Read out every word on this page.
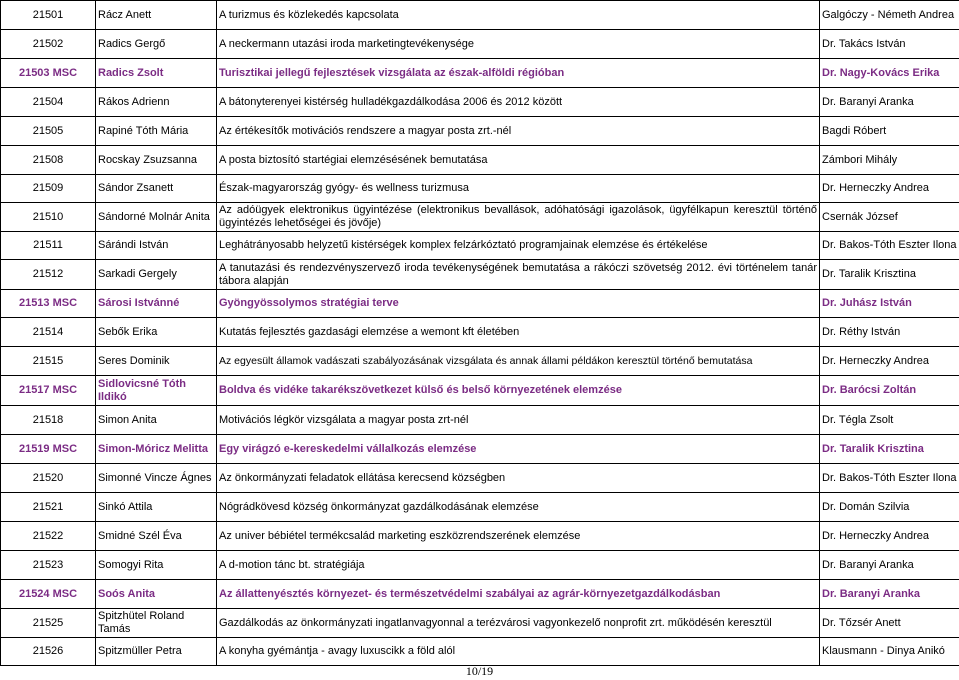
21501	Rácz Anett	A turizmus és közlekedés kapcsolata	Galgóczy - Németh Andrea
21502	Radics Gergő	A neckermann utazási iroda marketingtevékenysége	Dr. Takács István
21503 MSC	Radics Zsolt	Turisztikai jellegű fejlesztések vizsgálata az észak-alföldi régióban	Dr. Nagy-Kovács Erika
21504	Rákos Adrienn	A bátonyterenyei kistérség hulladékgazdálkodása 2006 és 2012 között	Dr. Baranyi Aranka
21505	Rapiné Tóth Mária	Az értékesítők motivációs rendszere a magyar posta zrt.-nél	Bagdi Róbert
21508	Rocskay Zsuzsanna	A posta biztosító startégiai elemzésésének bemutatása	Zámbori Mihály
21509	Sándor Zsanett	Észak-magyarország gyógy- és wellness turizmusa	Dr. Herneczky Andrea
21510	Sándorné Molnár Anita	Az adóügyek elektronikus ügyintézése (elektronikus bevallások, adóhatósági igazolások, ügyfélkapun keresztül történő ügyintézés lehetőségei és jövője)	Csernák József
21511	Sárándi István	Leghátrányosabb helyzetű kistérségek komplex felzárkóztató programjainak elemzése és értékelése	Dr. Bakos-Tóth Eszter Ilona
21512	Sarkadi Gergely	A tanutazási és rendezvényszervező iroda tevékenységének bemutatása a rákóczi szövetség 2012. évi történelem tanár tábora alapján	Dr. Taralik Krisztina
21513 MSC	Sárosi Istvánné	Gyöngyössolymos stratégiai terve	Dr. Juhász István
21514	Sebők Erika	Kutatás fejlesztés gazdasági elemzése a wemont kft életében	Dr. Réthy István
21515	Seres Dominik	Az egyesült államok vadászati szabályozásának vizsgálata és annak állami példákon keresztül történő bemutatása	Dr. Herneczky Andrea
21517 MSC	Sidlovicsné Tóth Ildikó	Boldva és vidéke takarékszövetkezet külső és belső környezetének elemzése	Dr. Barócsi Zoltán
21518	Simon Anita	Motivációs légkör vizsgálata a magyar posta zrt-nél	Dr. Tégla Zsolt
21519 MSC	Simon-Móricz Melitta	Egy virágzó e-kereskedelmi vállalkozás elemzése	Dr. Taralik Krisztina
21520	Simonné Vincze Ágnes	Az önkormányzati feladatok ellátása kerecsend községben	Dr. Bakos-Tóth Eszter Ilona
21521	Sinkó Attila	Nógrádkövesd község önkormányzat gazdálkodásának elemzése	Dr. Domán Szilvia
21522	Smidné Szél Éva	Az univer bébiétel termékcsalád marketing eszközrendszerének elemzése	Dr. Herneczky Andrea
21523	Somogyi Rita	A d-motion tánc bt. stratégiája	Dr. Baranyi Aranka
21524 MSC	Soós Anita	Az állattenyésztés környezet- és természetvédelmi szabályai az agrár-környezetgazdálkodásban	Dr. Baranyi Aranka
21525	Spitzhütel Roland Tamás	Gazdálkodás az önkormányzati ingatlanvagyonnal a terézvárosi vagyonkezelő nonprofit zrt. működésén keresztül	Dr. Tőzsér Anett
21526	Spitzmüller Petra	A konyha gyémántja - avagy luxuscikk a föld alól	Klausmann - Dinya Anikó
10/19
